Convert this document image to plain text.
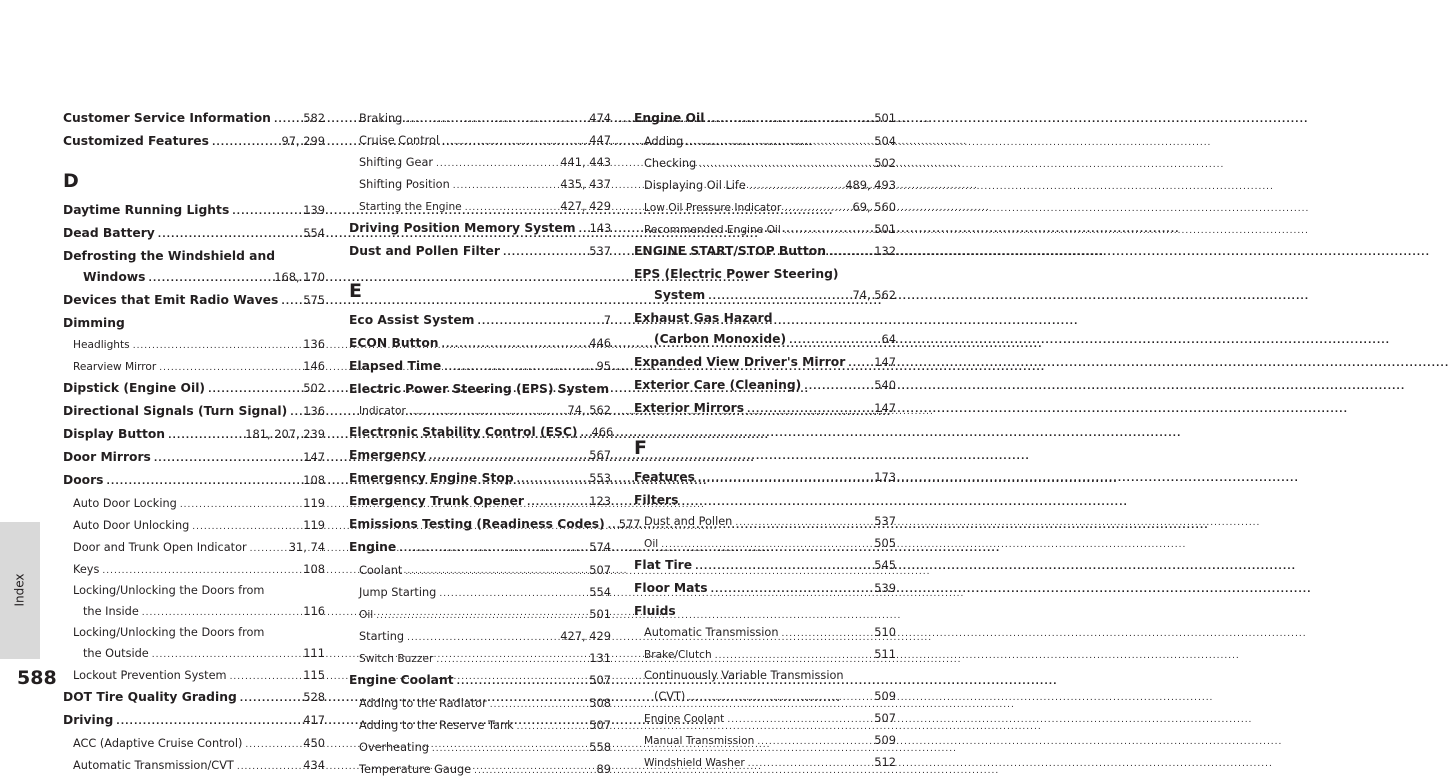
Customer Service Information .....	582
Customized Features .....	97, 299
D
Daytime Running Lights .....	139
Dead Battery .....	554
Defrosting the Windshield and
Windows .....	168, 170
Devices that Emit Radio Waves ..... 575
Dimming
Headlights .....	136
Rearview Mirror .....	146
Dipstick (Engine Oil) .....	502
Directional Signals (Turn Signal) ..... 136
Display Button .....	181, 207, 239
Door Mirrors .....	147
Doors .....	108
Auto Door Locking .....	119
Auto Door Unlocking .....	119
Door and Trunk Open Indicator .....	31, 74
Keys .....	108
Locking/Unlocking the Doors from
the Inside .....	116
Locking/Unlocking the Doors from
the Outside .....	111
Lockout Prevention System .....	115
DOT Tire Quality Grading .....	528
Driving .....	417
ACC (Adaptive Cruise Control) .....	450
Automatic Transmission/CVT .....	434
Braking .....	474
Cruise Control .....	447
Shifting Gear .....	441, 443
Shifting Position .....	435, 437
Starting the Engine .....	427, 429
Driving Position Memory System ..... 143
Dust and Pollen Filter .....	537
E
Eco Assist System .....	7
ECON Button .....	446
Elapsed Time .....	95
Electric Power Steering (EPS) System
Indicator .....	74, 562
Electronic Stability Control (ESC) ..... 466
Emergency .....	567
Emergency Engine Stop .....	553
Emergency Trunk Opener .....	123
Emissions Testing (Readiness Codes) ..... 577
Engine .....	574
Coolant .....	507
Jump Starting .....	554
Oil .....	501
Starting .....	427, 429
Switch Buzzer .....	131
Engine Coolant .....	507
Adding to the Radiator .....	508
Adding to the Reserve Tank .....	507
Overheating .....	558
Temperature Gauge .....	89
Engine Oil .....	501
Adding .....	504
Checking .....	502
Displaying Oil Life .....	489, 493
Low Oil Pressure Indicator .....	69, 560
Recommended Engine Oil .....	501
ENGINE START/STOP Button .....	132
EPS (Electric Power Steering)
System .....	74, 562
Exhaust Gas Hazard
(Carbon Monoxide) .....	64
Expanded View Driver's Mirror .....	147
Exterior Care (Cleaning) .....	540
Exterior Mirrors .....	147
F
Features .....	173
Filters
Dust and Pollen .....	537
Oil .....	505
Flat Tire .....	545
Floor Mats .....	539
Fluids
Automatic Transmission .....	510
Brake/Clutch .....	511
Continuously Variable Transmission
(CVT) .....	509
Engine Coolant .....	507
Manual Transmission .....	509
Windshield Washer .....	512
Index
588
